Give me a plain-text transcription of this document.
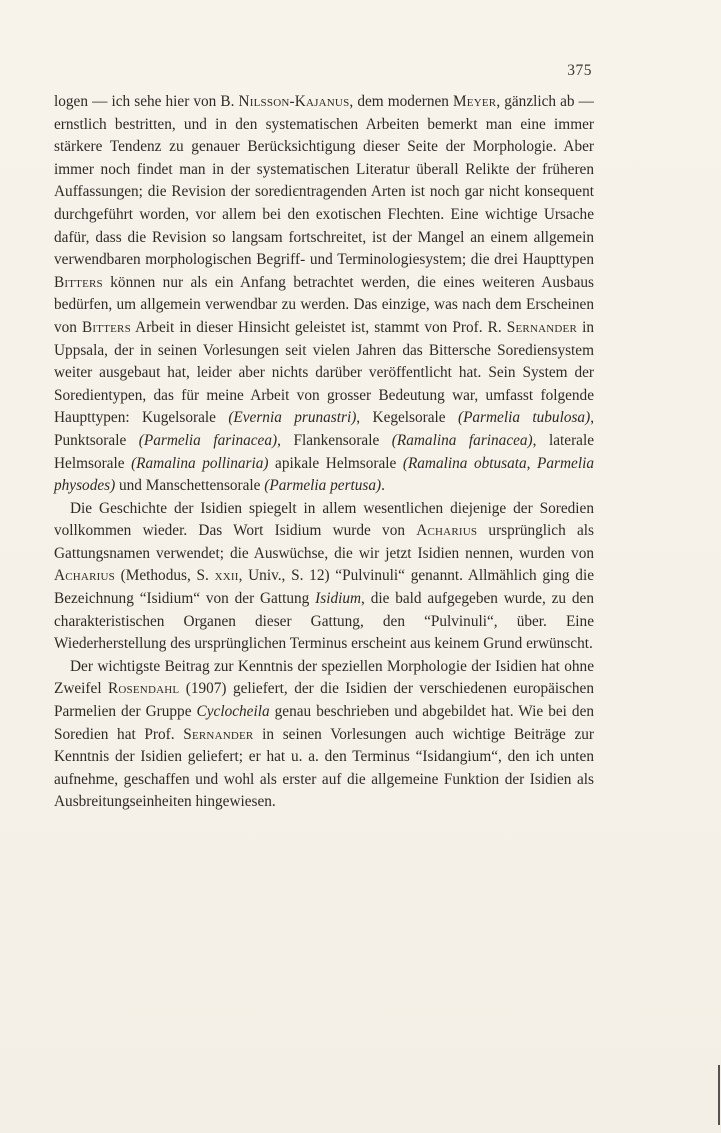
375

logen — ich sehe hier von B. Nilsson-Kajanus, dem modernen Meyer, gänzlich ab — ernstlich bestritten, und in den systematischen Arbeiten bemerkt man eine immer stärkere Tendenz zu genauer Berücksichtigung dieser Seite der Morphologie. Aber immer noch findet man in der systematischen Literatur überall Relikte der früheren Auffassungen; die Revision der sorediєntragenden Arten ist noch gar nicht konsequent durchgeführt worden, vor allem bei den exotischen Flechten. Eine wichtige Ursache dafür, dass die Revision so langsam fortschreitet, ist der Mangel an einem allgemein verwendbaren morphologischen Begriff- und Terminologiesystem; die drei Haupttypen Bitters können nur als ein Anfang betrachtet werden, die eines weiteren Ausbaus bedürfen, um allgemein verwendbar zu werden. Das einzige, was nach dem Erscheinen von Bitters Arbeit in dieser Hinsicht geleistet ist, stammt von Prof. R. Sernander in Uppsala, der in seinen Vorlesungen seit vielen Jahren das Bittersche Sorediensystem weiter ausgebaut hat, leider aber nichts darüber veröffentlicht hat. Sein System der Soredientypen, das für meine Arbeit von grosser Bedeutung war, umfasst folgende Haupttypen: Kugelsorale (Evernia prunastri), Kegelsorale (Parmelia tubulosa), Punktsorale (Parmelia farinacea), Flankensorale (Ramalina farinacea), laterale Helmsorale (Ramalina pollinaria) apikale Helmsorale (Ramalina obtusata, Parmelia physodes) und Manschettensorale (Parmelia pertusa).

Die Geschichte der Isidien spiegelt in allem wesentlichen diejenige der Soredien vollkommen wieder. Das Wort Isidium wurde von Acharius ursprünglich als Gattungsnamen verwendet; die Auswüchse, die wir jetzt Isidien nennen, wurden von Acharius (Methodus, S. xxii, Univ., S. 12) “Pulvinuli“ genannt. Allmählich ging die Bezeichnung “Isidium“ von der Gattung Isidium, die bald aufgegeben wurde, zu den charakteristischen Organen dieser Gattung, den “Pulvinuli“, über. Eine Wiederherstellung des ursprünglichen Terminus erscheint aus keinem Grund erwünscht.

Der wichtigste Beitrag zur Kenntnis der speziellen Morphologie der Isidien hat ohne Zweifel Rosendahl (1907) geliefert, der die Isidien der verschiedenen europäischen Parmelien der Gruppe Cyclocheila genau beschrieben und abgebildet hat. Wie bei den Soredien hat Prof. Sernander in seinen Vorlesungen auch wichtige Beiträge zur Kenntnis der Isidien geliefert; er hat u. a. den Terminus “Isidangium“, den ich unten aufnehme, geschaffen und wohl als erster auf die allgemeine Funktion der Isidien als Ausbreitungseinheiten hingewiesen.
